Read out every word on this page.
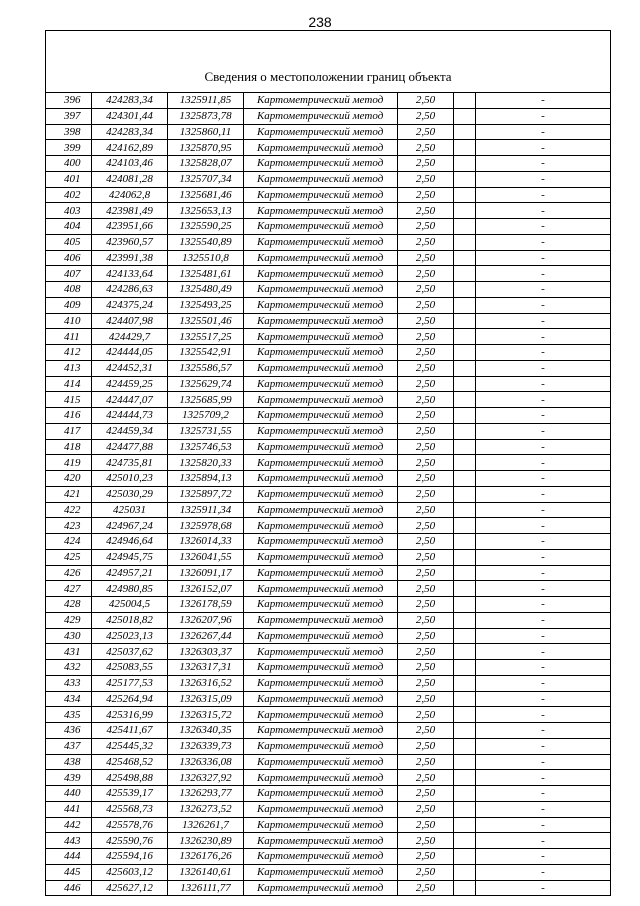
238

Сведения о местоположении границ объекта						
396	424283,34	1325911,85	Картометрический метод	2,50		-
397	424301,44	1325873,78	Картометрический метод	2,50		-
398	424283,34	1325860,11	Картометрический метод	2,50		-
399	424162,89	1325870,95	Картометрический метод	2,50		-
400	424103,46	1325828,07	Картометрический метод	2,50		-
401	424081,28	1325707,34	Картометрический метод	2,50		-
402	424062,8	1325681,46	Картометрический метод	2,50		-
403	423981,49	1325653,13	Картометрический метод	2,50		-
404	423951,66	1325590,25	Картометрический метод	2,50		-
405	423960,57	1325540,89	Картометрический метод	2,50		-
406	423991,38	1325510,8	Картометрический метод	2,50		-
407	424133,64	1325481,61	Картометрический метод	2,50		-
408	424286,63	1325480,49	Картометрический метод	2,50		-
409	424375,24	1325493,25	Картометрический метод	2,50		-
410	424407,98	1325501,46	Картометрический метод	2,50		-
411	424429,7	1325517,25	Картометрический метод	2,50		-
412	424444,05	1325542,91	Картометрический метод	2,50		-
413	424452,31	1325586,57	Картометрический метод	2,50		-
414	424459,25	1325629,74	Картометрический метод	2,50		-
415	424447,07	1325685,99	Картометрический метод	2,50		-
416	424444,73	1325709,2	Картометрический метод	2,50		-
417	424459,34	1325731,55	Картометрический метод	2,50		-
418	424477,88	1325746,53	Картометрический метод	2,50		-
419	424735,81	1325820,33	Картометрический метод	2,50		-
420	425010,23	1325894,13	Картометрический метод	2,50		-
421	425030,29	1325897,72	Картометрический метод	2,50		-
422	425031	1325911,34	Картометрический метод	2,50		-
423	424967,24	1325978,68	Картометрический метод	2,50		-
424	424946,64	1326014,33	Картометрический метод	2,50		-
425	424945,75	1326041,55	Картометрический метод	2,50		-
426	424957,21	1326091,17	Картометрический метод	2,50		-
427	424980,85	1326152,07	Картометрический метод	2,50		-
428	425004,5	1326178,59	Картометрический метод	2,50		-
429	425018,82	1326207,96	Картометрический метод	2,50		-
430	425023,13	1326267,44	Картометрический метод	2,50		-
431	425037,62	1326303,37	Картометрический метод	2,50		-
432	425083,55	1326317,31	Картометрический метод	2,50		-
433	425177,53	1326316,52	Картометрический метод	2,50		-
434	425264,94	1326315,09	Картометрический метод	2,50		-
435	425316,99	1326315,72	Картометрический метод	2,50		-
436	425411,67	1326340,35	Картометрический метод	2,50		-
437	425445,32	1326339,73	Картометрический метод	2,50		-
438	425468,52	1326336,08	Картометрический метод	2,50		-
439	425498,88	1326327,92	Картометрический метод	2,50		-
440	425539,17	1326293,77	Картометрический метод	2,50		-
441	425568,73	1326273,52	Картометрический метод	2,50		-
442	425578,76	1326261,7	Картометрический метод	2,50		-
443	425590,76	1326230,89	Картометрический метод	2,50		-
444	425594,16	1326176,26	Картометрический метод	2,50		-
445	425603,12	1326140,61	Картометрический метод	2,50		-
446	425627,12	1326111,77	Картометрический метод	2,50		-
